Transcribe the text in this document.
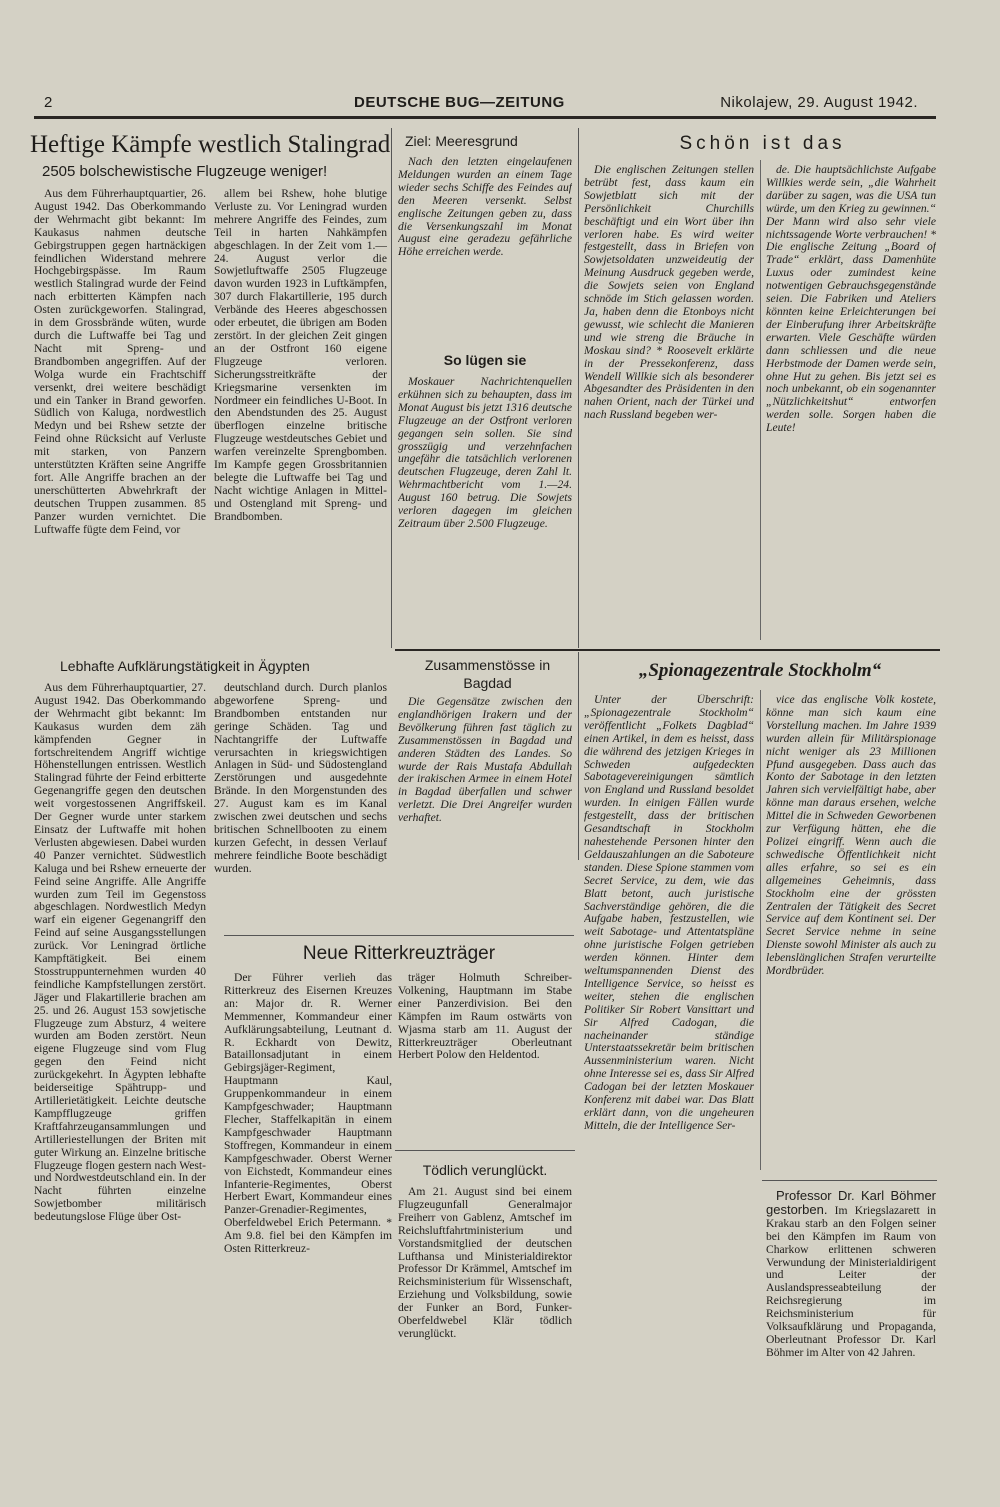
2	DEUTSCHE BUG—ZEITUNG	Nikolajew, 29. August 1942.
Heftige Kämpfe westlich Stalingrad
2505 bolschewistische Flugzeuge weniger!

Aus dem Führerhauptquartier, 26. August 1942. Das Oberkommando der Wehrmacht gibt bekannt: Im Kaukasus nahmen deutsche Gebirgstruppen gegen hartnäckigen feindlichen Widerstand mehrere Hochgebirgspässe. Im Raum westlich Stalingrad wurde der Feind nach erbitterten Kämpfen nach Osten zurückgeworfen. Stalingrad, in dem Grossbrände wüten, wurde durch die Luftwaffe bei Tag und Nacht mit Spreng- und Brandbomben angegriffen. Auf der Wolga wurde ein Frachtschiff versenkt, drei weitere beschädigt und ein Tanker in Brand geworfen. Südlich von Kaluga, nordwestlich Medyn und bei Rshew setzte der Feind ohne Rücksicht auf Verluste mit starken, von Panzern unterstützten Kräften seine Angriffe fort. Alle Angriffe brachen an der unerschütterten Abwehrkraft der deutschen Truppen zusammen. 85 Panzer wurden vernichtet. Die Luftwaffe fügte dem Feind, vor

allem bei Rshew, hohe blutige Verluste zu. Vor Leningrad wurden mehrere Angriffe des Feindes, zum Teil in harten Nahkämpfen abgeschlagen. In der Zeit vom 1.—24. August verlor die Sowjetluftwaffe 2505 Flugzeuge davon wurden 1923 in Luftkämpfen, 307 durch Flakartillerie, 195 durch Verbände des Heeres abgeschossen oder erbeutet, die übrigen am Boden zerstört. In der gleichen Zeit gingen an der Ostfront 160 eigene Flugzeuge verloren. Sicherungsstreitkräfte der Kriegsmarine versenkten im Nordmeer ein feindliches U-Boot. In den Abendstunden des 25. August überflogen einzelne britische Flugzeuge westdeutsches Gebiet und warfen vereinzelte Sprengbomben. Im Kampfe gegen Grossbritannien belegte die Luftwaffe bei Tag und Nacht wichtige Anlagen in Mittel- und Ostengland mit Spreng- und Brandbomben.

Lebhafte Aufklärungstätigkeit in Ägypten

Aus dem Führerhauptquartier, 27. August 1942. Das Oberkommando der Wehrmacht gibt bekannt: Im Kaukasus wurden dem zäh kämpfenden Gegner in fortschreitendem Angriff wichtige Höhenstellungen entrissen. Westlich Stalingrad führte der Feind erbitterte Gegenangriffe gegen den deutschen weit vorgestossenen Angriffskeil. Der Gegner wurde unter starkem Einsatz der Luftwaffe mit hohen Verlusten abgewiesen. Dabei wurden 40 Panzer vernichtet. Südwestlich Kaluga und bei Rshew erneuerte der Feind seine Angriffe. Alle Angriffe wurden zum Teil im Gegenstoss abgeschlagen. Nordwestlich Medyn warf ein eigener Gegenangriff den Feind auf seine Ausgangsstellungen zurück. Vor Leningrad örtliche Kampftätigkeit. Bei einem Stosstruppunternehmen wurden 40 feindliche Kampfstellungen zerstört. Jäger und Flakartillerie brachen am 25. und 26. August 153 sowjetische Flugzeuge zum Absturz, 4 weitere wurden am Boden zerstört. Neun eigene Flugzeuge sind vom Flug gegen den Feind nicht zurückgekehrt. In Ägypten lebhafte beiderseitige Spähtrupp- und Artillerietätigkeit. Leichte deutsche Kampfflugzeuge griffen Kraftfahrzeugansammlungen und Artilleriestellungen der Briten mit guter Wirkung an. Einzelne britische Flugzeuge flogen gestern nach West- und Nordwestdeutschland ein. In der Nacht führten einzelne Sowjetbomber militärisch bedeutungslose Flüge über Ost-

deutschland durch. Durch planlos abgeworfene Spreng- und Brandbomben entstanden nur geringe Schäden. Tag und Nachtangriffe der Luftwaffe verursachten in kriegswichtigen Anlagen in Süd- und Südostengland Zerstörungen und ausgedehnte Brände. In den Morgenstunden des 27. August kam es im Kanal zwischen zwei deutschen und sechs britischen Schnellbooten zu einem kurzen Gefecht, in dessen Verlauf mehrere feindliche Boote beschädigt wurden.

Ziel: Meeresgrund

Nach den letzten eingelaufenen Meldungen wurden an einem Tage wieder sechs Schiffe des Feindes auf den Meeren versenkt. Selbst englische Zeitungen geben zu, dass die Versenkungszahl im Monat August eine geradezu gefährliche Höhe erreichen werde.

So lügen sie

Moskauer Nachrichtenquellen erkühnen sich zu behaupten, dass im Monat August bis jetzt 1316 deutsche Flugzeuge an der Ostfront verloren gegangen sein sollen. Sie sind grosszügig und verzehnfachen ungefähr die tatsächlich verlorenen deutschen Flugzeuge, deren Zahl lt. Wehrmachtbericht vom 1.—24. August 160 betrug. Die Sowjets verloren dagegen im gleichen Zeitraum über 2.500 Flugzeuge.

Zusammenstösse in Bagdad

Die Gegensätze zwischen den englandhörigen Irakern und der Bevölkerung führen fast täglich zu Zusammenstössen in Bagdad und anderen Städten des Landes. So wurde der Rais Mustafa Abdullah der irakischen Armee in einem Hotel in Bagdad überfallen und schwer verletzt. Die Drei Angreifer wurden verhaftet.

Schön ist das

Die englischen Zeitungen stellen betrübt fest, dass kaum ein Sowjetblatt sich mit der Persönlichkeit Churchills beschäftigt und ein Wort über ihn verloren habe. Es wird weiter festgestellt, dass in Briefen von Sowjetsoldaten unzweideutig der Meinung Ausdruck gegeben werde, die Sowjets seien von England schnöde im Stich gelassen worden. Ja, haben denn die Etonboys nicht gewusst, wie schlecht die Manieren und wie streng die Bräuche in Moskau sind? * Roosevelt erklärte in der Pressekonferenz, dass Wendell Willkie sich als besonderer Abgesandter des Präsidenten in den nahen Orient, nach der Türkei und nach Russland begeben wer-

de. Die hauptsächlichste Aufgabe Willkies werde sein, „die Wahrheit darüber zu sagen, was die USA tun würde, um den Krieg zu gewinnen.“ Der Mann wird also sehr viele nichtssagende Worte verbrauchen! * Die englische Zeitung „Board of Trade“ erklärt, dass Damenhüte Luxus oder zumindest keine notwentigen Gebrauchsgegenstände seien. Die Fabriken und Ateliers könnten keine Erleichterungen bei der Einberufung ihrer Arbeitskräfte erwarten. Viele Geschäfte würden dann schliessen und die neue Herbstmode der Damen werde sein, ohne Hut zu gehen. Bis jetzt sei es noch unbekannt, ob ein sogenannter „Nützlichkeitshut“ entworfen werden solle. Sorgen haben die Leute!

„Spionagezentrale Stockholm“

Unter der Überschrift: „Spionagezentrale Stockholm“ veröffentlicht „Folkets Dagblad“ einen Artikel, in dem es heisst, dass die während des jetzigen Krieges in Schweden aufgedeckten Sabotagevereinigungen sämtlich von England und Russland besoldet wurden. In einigen Fällen wurde festgestellt, dass der britischen Gesandtschaft in Stockholm nahestehende Personen hinter den Geldauszahlungen an die Saboteure standen. Diese Spione stammen vom Secret Service, zu dem, wie das Blatt betont, auch juristische Sachverständige gehören, die die Aufgabe haben, festzustellen, wie weit Sabotage- und Attentatspläne ohne juristische Folgen getrieben werden können. Hinter dem weltumspannenden Dienst des Intelligence Service, so heisst es weiter, stehen die englischen Politiker Sir Robert Vansittart und Sir Alfred Cadogan, die nacheinander ständige Unterstaatssekretär beim britischen Aussenministerium waren. Nicht ohne Interesse sei es, dass Sir Alfred Cadogan bei der letzten Moskauer Konferenz mit dabei war. Das Blatt erklärt dann, von die ungeheuren Mitteln, die der Intelligence Ser-

vice das englische Volk kostete, könne man sich kaum eine Vorstellung machen. Im Jahre 1939 wurden allein für Militärspionage nicht weniger als 23 Millionen Pfund ausgegeben. Dass auch das Konto der Sabotage in den letzten Jahren sich vervielfältigt habe, aber könne man daraus ersehen, welche Mittel die in Schweden Geworbenen zur Verfügung hätten, ehe die Polizei eingriff. Wenn auch die schwedische Öffentlichkeit nicht alles erfahre, so sei es ein allgemeines Geheimnis, dass Stockholm eine der grössten Zentralen der Tätigkeit des Secret Service auf dem Kontinent sei. Der Secret Service nehme in seine Dienste sowohl Minister als auch zu lebenslänglichen Strafen verurteilte Mordbrüder.

Neue Ritterkreuzträger

Der Führer verlieh das Ritterkreuz des Eisernen Kreuzes an: Major dr. R. Werner Memmenner, Kommandeur einer Aufklärungsabteilung, Leutnant d. R. Eckhardt von Dewitz, Bataillonsadjutant in einem Gebirgsjäger-Regiment, Hauptmann Kaul, Gruppenkommandeur in einem Kampfgeschwader; Hauptmann Flecher, Staffelkapitän in einem Kampfgeschwader Hauptmann Stoffregen, Kommandeur in einem Kampfgeschwader. Oberst Werner von Eichstedt, Kommandeur eines Infanterie-Regimentes, Oberst Herbert Ewart, Kommandeur eines Panzer-Grenadier-Regimentes, Oberfeldwebel Erich Petermann. * Am 9.8. fiel bei den Kämpfen im Osten Ritterkreuz-

träger Holmuth Schreiber-Volkening, Hauptmann im Stabe einer Panzerdivision. Bei den Kämpfen im Raum ostwärts von Wjasma starb am 11. August der Ritterkreuzträger Oberleutnant Herbert Polow den Heldentod.

Tödlich verunglückt.

Am 21. August sind bei einem Flugzeugunfall Generalmajor Freiherr von Gablenz, Amtschef im Reichsluftfahrtministerium und Vorstandsmitglied der deutschen Lufthansa und Ministerialdirektor Professor Dr Krämmel, Amtschef im Reichsministerium für Wissenschaft, Erziehung und Volksbildung, sowie der Funker an Bord, Funker-Oberfeldwebel Klär tödlich verunglückt.

Professor Dr. Karl Böhmer gestorben. Im Kriegslazarett in Krakau starb an den Folgen seiner bei den Kämpfen im Raum von Charkow erlittenen schweren Verwundung der Ministerialdirigent und Leiter der Auslandspresseabteilung der Reichsregierung im Reichsministerium für Volksaufklärung und Propaganda, Oberleutnant Professor Dr. Karl Böhmer im Alter von 42 Jahren.
